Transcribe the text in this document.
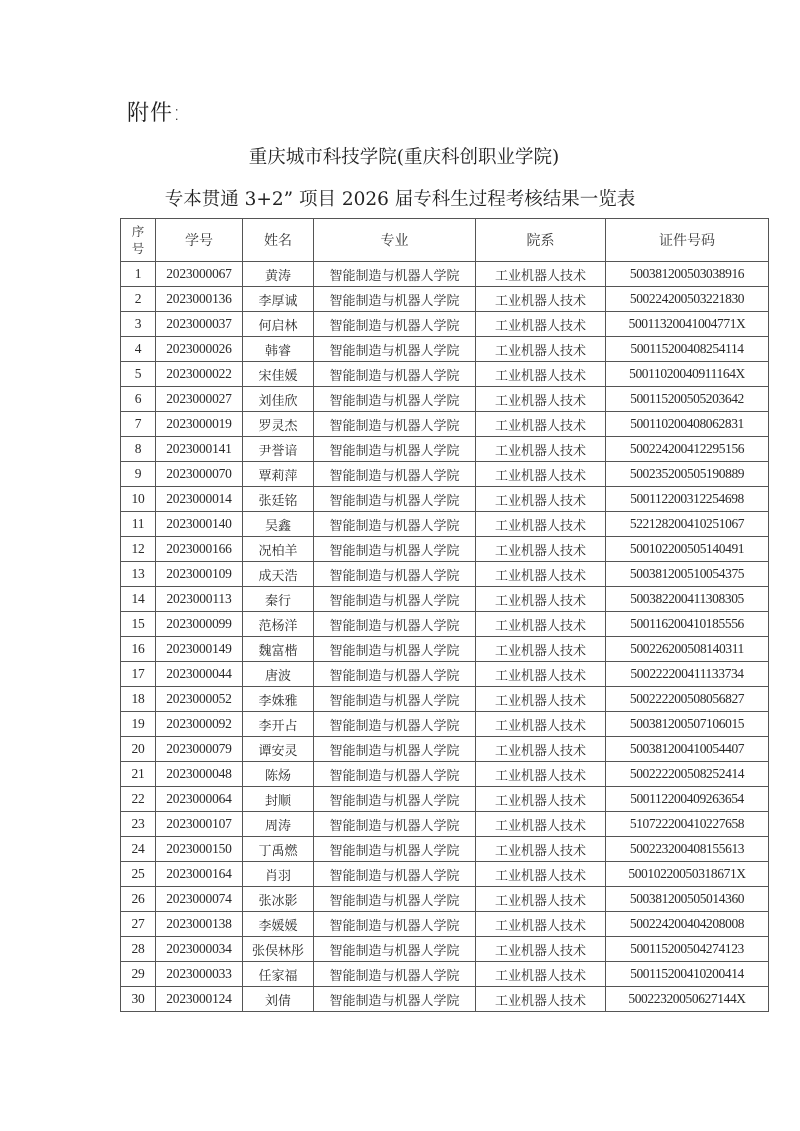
附件:
重庆城市科技学院(重庆科创职业学院)
专本贯通 3+2” 项目 2026 届专科生过程考核结果一览表
序
号	学号	姓名	专业	院系	证件号码
1	2023000067	黄涛	智能制造与机器人学院	工业机器人技术	500381200503038916
2	2023000136	李厚诚	智能制造与机器人学院	工业机器人技术	500224200503221830
3	2023000037	何启林	智能制造与机器人学院	工业机器人技术	50011320041004771X
4	2023000026	韩睿	智能制造与机器人学院	工业机器人技术	500115200408254114
5	2023000022	宋佳媛	智能制造与机器人学院	工业机器人技术	50011020040911164X
6	2023000027	刘佳欣	智能制造与机器人学院	工业机器人技术	500115200505203642
7	2023000019	罗灵杰	智能制造与机器人学院	工业机器人技术	500110200408062831
8	2023000141	尹誉谙	智能制造与机器人学院	工业机器人技术	500224200412295156
9	2023000070	覃莉萍	智能制造与机器人学院	工业机器人技术	500235200505190889
10	2023000014	张廷铭	智能制造与机器人学院	工业机器人技术	500112200312254698
11	2023000140	吴鑫	智能制造与机器人学院	工业机器人技术	522128200410251067
12	2023000166	况柏羊	智能制造与机器人学院	工业机器人技术	500102200505140491
13	2023000109	成天浩	智能制造与机器人学院	工业机器人技术	500381200510054375
14	2023000113	秦行	智能制造与机器人学院	工业机器人技术	500382200411308305
15	2023000099	范杨洋	智能制造与机器人学院	工业机器人技术	500116200410185556
16	2023000149	魏富楷	智能制造与机器人学院	工业机器人技术	500226200508140311
17	2023000044	唐波	智能制造与机器人学院	工业机器人技术	500222200411133734
18	2023000052	李姝雅	智能制造与机器人学院	工业机器人技术	500222200508056827
19	2023000092	李开占	智能制造与机器人学院	工业机器人技术	500381200507106015
20	2023000079	谭安灵	智能制造与机器人学院	工业机器人技术	500381200410054407
21	2023000048	陈炀	智能制造与机器人学院	工业机器人技术	500222200508252414
22	2023000064	封顺	智能制造与机器人学院	工业机器人技术	500112200409263654
23	2023000107	周涛	智能制造与机器人学院	工业机器人技术	510722200410227658
24	2023000150	丁禹燃	智能制造与机器人学院	工业机器人技术	500223200408155613
25	2023000164	肖羽	智能制造与机器人学院	工业机器人技术	50010220050318671X
26	2023000074	张冰影	智能制造与机器人学院	工业机器人技术	500381200505014360
27	2023000138	李媛媛	智能制造与机器人学院	工业机器人技术	500224200404208008
28	2023000034	张俣林彤	智能制造与机器人学院	工业机器人技术	500115200504274123
29	2023000033	任家福	智能制造与机器人学院	工业机器人技术	500115200410200414
30	2023000124	刘倩	智能制造与机器人学院	工业机器人技术	50022320050627144X
